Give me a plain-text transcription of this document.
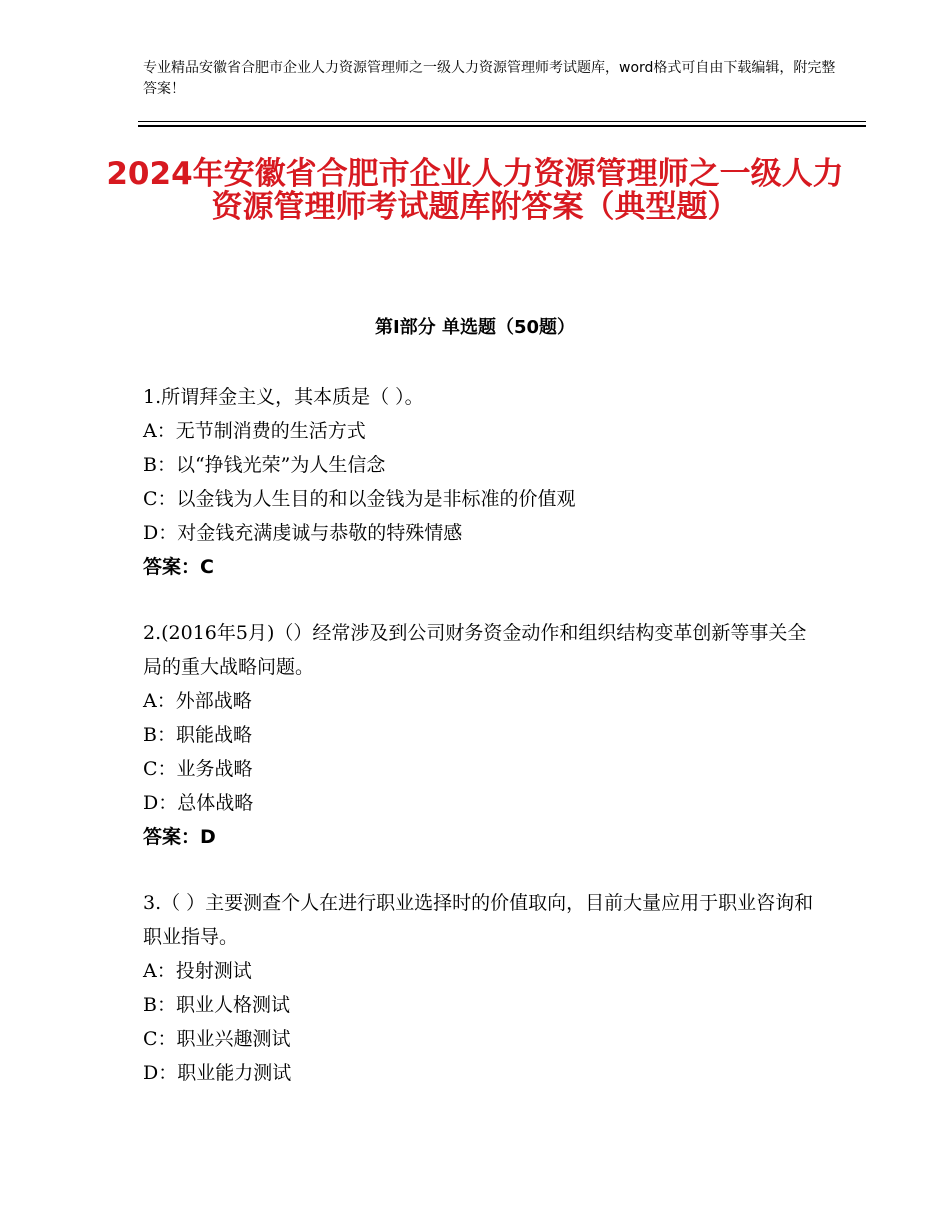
专业精品安徽省合肥市企业人力资源管理师之一级人力资源管理师考试题库，word格式可自由下载编辑，附完整答案！
2024年安徽省合肥市企业人力资源管理师之一级人力资源管理师考试题库附答案（典型题）
第Ⅰ部分 单选题（50题）

1.所谓拜金主义，其本质是（ ）。

A：无节制消费的生活方式

B：以“挣钱光荣”为人生信念

C：以金钱为人生目的和以金钱为是非标准的价值观

D：对金钱充满虔诚与恭敬的特殊情感

答案：C

2.(2016年5月)（）经常涉及到公司财务资金动作和组织结构变革创新等事关全局的重大战略问题。

A：外部战略

B：职能战略

C：业务战略

D：总体战略

答案：D

3.（ ）主要测查个人在进行职业选择时的价值取向，目前大量应用于职业咨询和职业指导。

A：投射测试

B：职业人格测试

C：职业兴趣测试

D：职业能力测试
